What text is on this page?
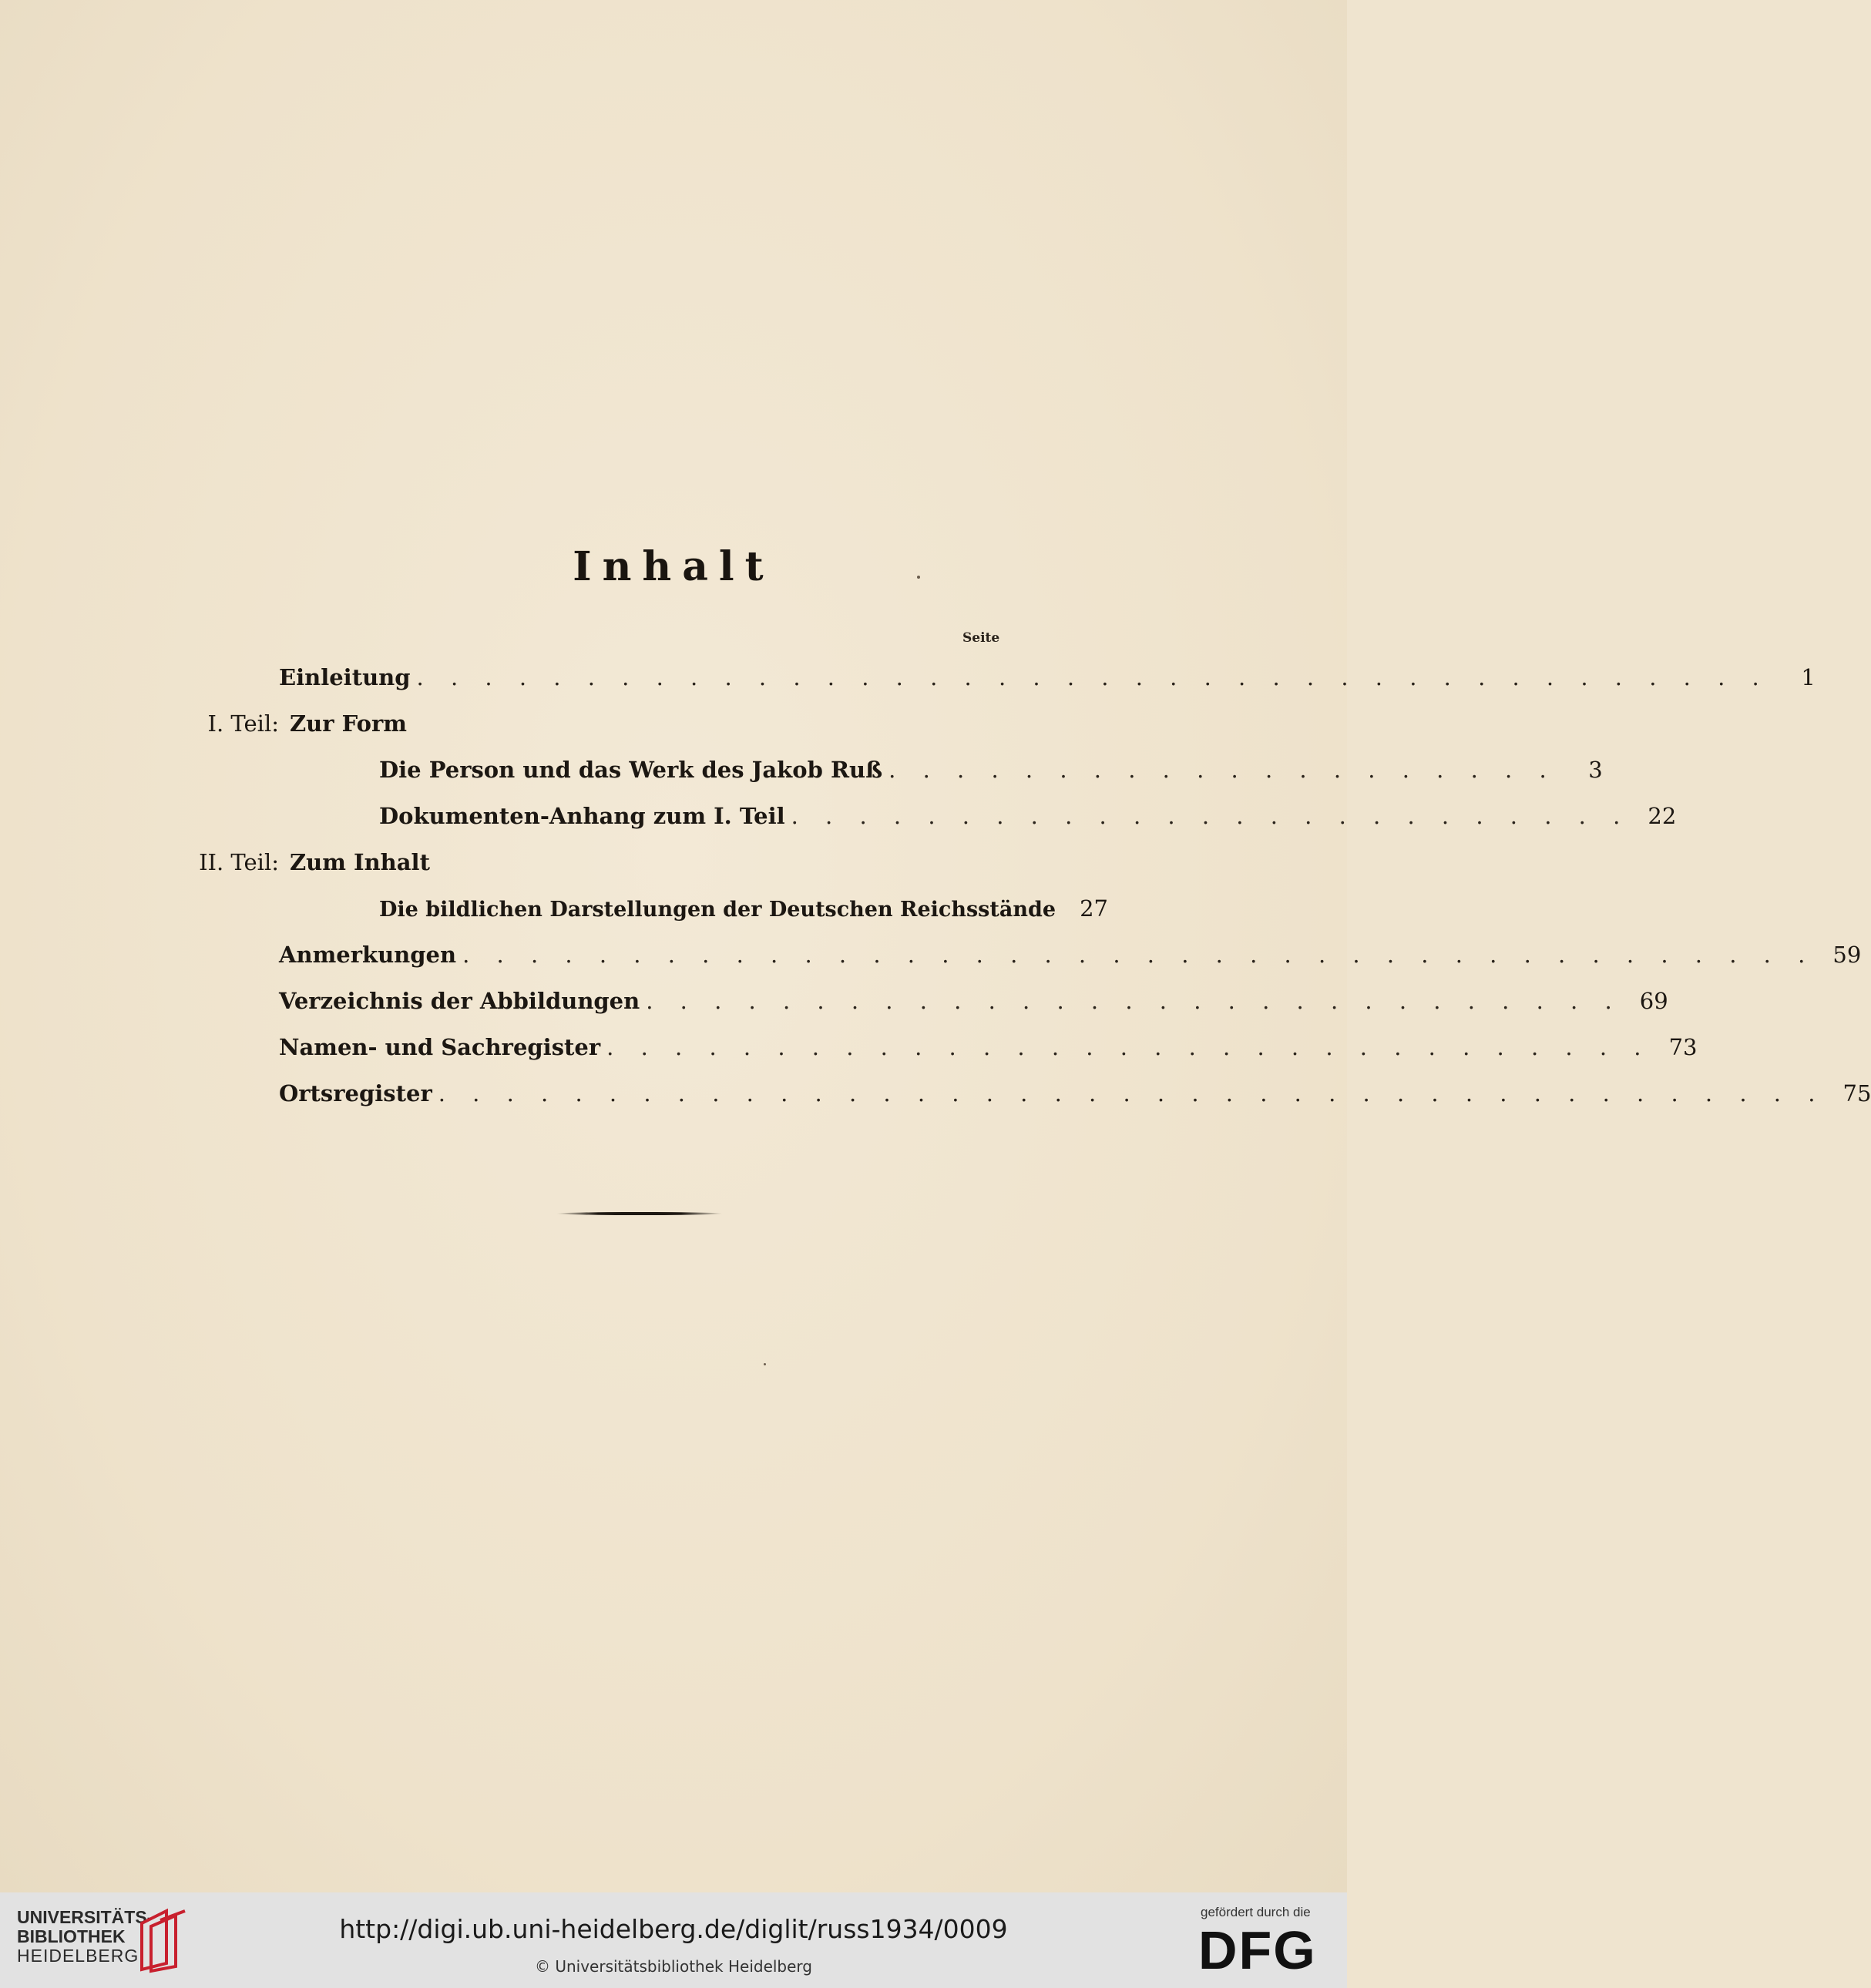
Inhalt
Seite
Einleitung . . . . . . . . . . . . . . . . . . . . . . . . . . . . . . . . . . . . . . . .	1
I. Teil: Zur Form
Die Person und das Werk des Jakob Ruß . . . . . . . . . . . . . . . . . . . .	3
Dokumenten-Anhang zum I. Teil . . . . . . . . . . . . . . . . . . . . . . . . . 22
II. Teil: Zum Inhalt
Die bildlichen Darstellungen der Deutschen Reichsstände	27
Anmerkungen . . . . . . . . . . . . . . . . . . . . . . . . . . . . . . . . . . . . . . . . 59
Verzeichnis der Abbildungen . . . . . . . . . . . . . . . . . . . . . . . . . . . . . 69
Namen- und Sachregister . . . . . . . . . . . . . . . . . . . . . . . . . . . . . . . 73
Ortsregister . . . . . . . . . . . . . . . . . . . . . . . . . . . . . . . . . . . . . . . . . 75
UNIVERSITÄTS-
BIBLIOTHEK
HEIDELBERG
http://digi.ub.uni-heidelberg.de/diglit/russ1934/0009
© Universitätsbibliothek Heidelberg
gefördert durch die
DFG
